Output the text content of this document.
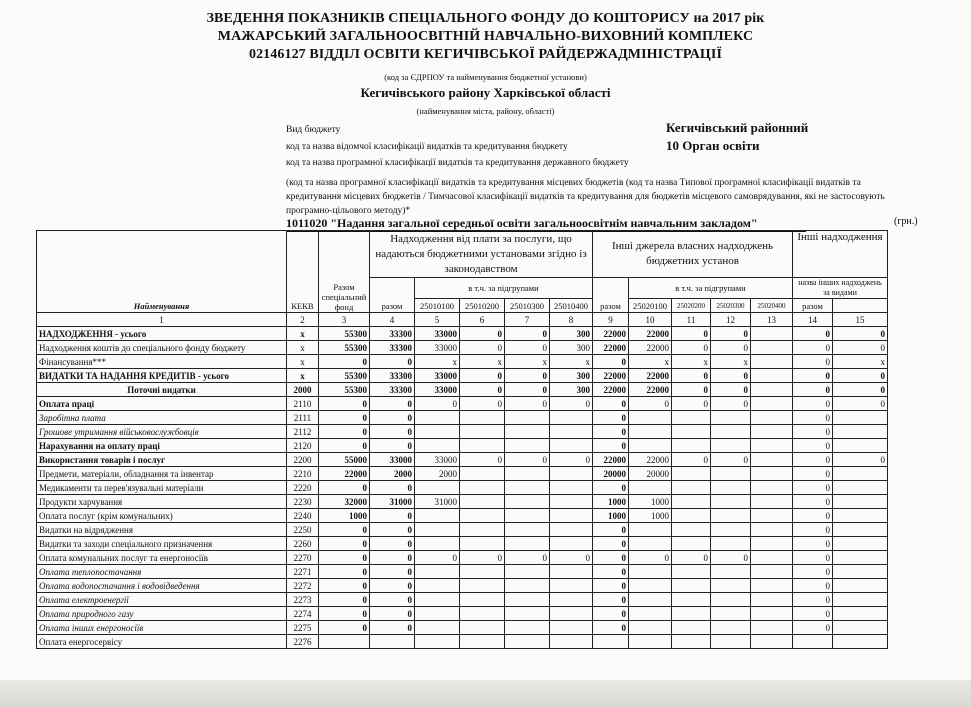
ЗВЕДЕННЯ ПОКАЗНИКІВ СПЕЦІАЛЬНОГО ФОНДУ ДО КОШТОРИСУ на 2017 рік
МАЖАРСЬКИЙ ЗАГАЛЬНООСВІТНІЙ НАВЧАЛЬНО-ВИХОВНИЙ КОМПЛЕКС
02146127 ВІДДІЛ ОСВІТИ КЕГИЧІВСЬКОЇ РАЙДЕРЖАДМІНІСТРАЦІЇ
(код за ЄДРПОУ та найменування бюджетної установи)
Кегичівського району Харківської області
(найменування міста, району, області)
Вид бюджету	Кегичівський районний
код та назва відомчої класифікації видатків та кредитування бюджету	10 Орган освіти
код та назва програмної класифікації видатків та кредитування державного бюджету
(код та назва програмної класифікації видатків та кредитування місцевих бюджетів (код та назва Типової програмної класифікації видатків та
кредитування місцевих бюджетів / Тимчасової класифікації видатків та кредитування для бюджетів місцевого самоврядування, які не застосовують
програмно-цільового методу)*
1011020 "Надання загальної середньої освіти загальноосвітнім навчальним закладом"	(грн.)
Найменування	КЕКВ	Разом спеціальний фонд	Надходження від плати за послуги, що надаються бюджетними установами згідно із законодавством					Інші джерела власних надходжень бюджетних установ					Інші надходження	
			разом	в т.ч. за підгрупами				разом	в т.ч. за підгрупами				назва інших надходжень за видами	
				25010100	25010200	25010300	25010400		25020100	25020200	25020300	25020400	разом	
1	2	3	4	5	6	7	8	9	10	11	12	13	14	15
НАДХОДЖЕННЯ - усього	x	55300	33300	33000	0	0	300	22000	22000	0	0		0	0
Надходження коштів до спеціального фонду бюджету	x	55300	33300	33000	0	0	300	22000	22000	0	0		0	0
Фінансування***	x	0	0	x	x	x	x	0	x	x	x		0	x
ВИДАТКИ ТА НАДАННЯ КРЕДИТІВ - усього	x	55300	33300	33000	0	0	300	22000	22000	0	0		0	0
Поточні видатки	2000	55300	33300	33000	0	0	300	22000	22000	0	0		0	0
Оплата праці	2110	0	0	0	0	0	0	0	0	0	0		0	0
Заробітна плата	2111	0	0					0					0	
Грошове утримання військовослужбовців	2112	0	0					0					0	
Нарахування на оплату праці	2120	0	0					0					0	
Використання товарів і послуг	2200	55000	33000	33000	0	0	0	22000	22000	0	0		0	0
Предмети, матеріали, обладнання та інвентар	2210	22000	2000	2000				20000	20000				0	
Медикаменти та перев'язувальні матеріали	2220	0	0					0					0	
Продукти харчування	2230	32000	31000	31000				1000	1000				0	
Оплата послуг (крім комунальних)	2240	1000	0					1000	1000				0	
Видатки на відрядження	2250	0	0					0					0	
Видатки та заходи спеціального призначення	2260	0	0					0					0	
Оплата комунальних послуг та енергоносіїв	2270	0	0	0	0	0	0	0	0	0	0		0	
Оплата теплопостачання	2271	0	0					0					0	
Оплата водопостачання і водовідведення	2272	0	0					0					0	
Оплата електроенергії	2273	0	0					0					0	
Оплата природного газу	2274	0	0					0					0	
Оплата інших енергоносіїв	2275	0	0					0					0	
Оплата енергосервісу	2276													
